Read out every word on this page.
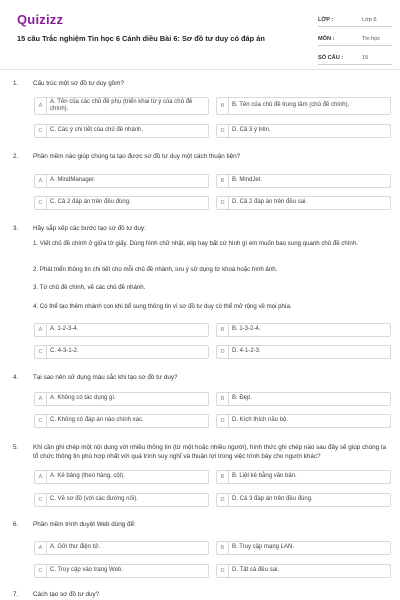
Quizizz
15 câu Trắc nghiệm Tin học 6 Cánh diều Bài 6: Sơ đồ tư duy có đáp án
LỚP :	Lớp 6
MÔN :	Tin học
SỐ CÂU :	15
1. Cấu trúc một sơ đồ tư duy gồm?
A
A. Tên của các chủ đề phụ (triển khai từ ý của chủ đề chính).	B	B. Tên của chủ đề trung tâm (chủ đề chính).
C	C. Các ý chi tiết của chủ đề nhánh.	D	D. Cả 3 ý trên.
2. Phần mềm nào giúp chúng ta tạo được sơ đồ tư duy một cách thuận tiện?
A	A. MindManager.	B	B. MindJet.
C	C. Cả 2 đáp án trên đều đúng.	D	D. Cả 2 đáp án trên đều sai.
3. Hãy sắp xếp các bước tạo sơ đồ tư duy:
1. Viết chủ đề chính ở giữa tờ giấy. Dùng hình chữ nhật, elip hay bất cứ hình gì em muốn bao xung quanh chủ đề chính.
2. Phát triển thông tin chi tiết cho mỗi chủ đề nhánh, lưu ý sử dụng từ khoá hoặc hình ảnh.
3. Từ chủ đề chính, vẽ các chủ đề nhánh.
4. Có thể tạo thêm nhánh con khi bổ sung thông tin vì sơ đồ tư duy có thể mở rộng về mọi phía.
A	A. 1-2-3-4.	B	B. 1-3-2-4.
C	C. 4-3-1-2.	D	D. 4-1-2-3.
4. Tại sao nên sử dụng màu sắc khi tạo sơ đồ tư duy?
A	A. Không có tác dụng gì.	B	B. Đẹp.
C	C. Không có đáp án nào chính xác.	D	D. Kích thích não bộ.
5. Khi cần ghi chép một nội dung với nhiều thông tin (từ một hoặc nhiều người), hình thức ghi chép nào sau đây sẽ giúp chúng ta tổ chức thông tin phù hợp nhất với quá trình suy nghĩ và thuận lợi trong việc trình bày cho người khác?
A	A. Kẻ bảng (theo hàng, cột).	B	B. Liệt kê bằng văn bản.
C	C. Vẽ sơ đồ (với các đường nối).	D	D. Cả 3 đáp án trên đều đúng.
6. Phần mềm trình duyệt Web dùng để:
A	A. Gửi thư điện tử.	B	B. Truy cập mạng LAN.
C	C. Truy cập vào trang Web.	D	D. Tất cả đều sai.
7. Cách tạo sơ đồ tư duy?
